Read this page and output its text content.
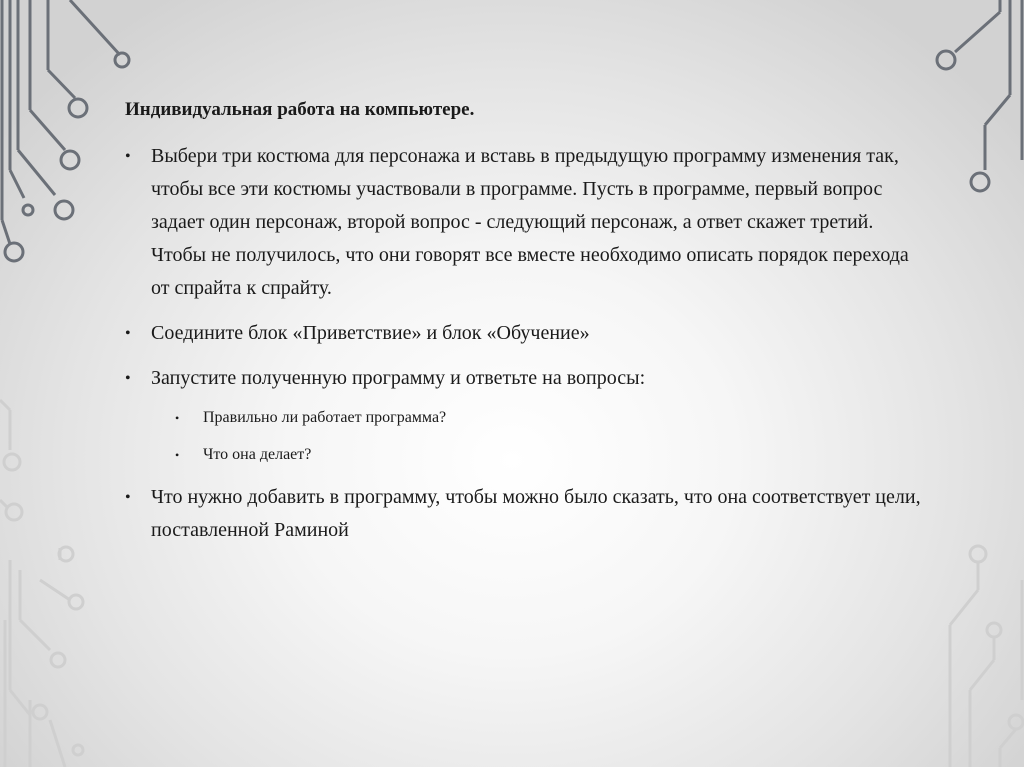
Индивидуальная работа на компьютере.
• Выбери три костюма для персонажа и вставь в предыдущую программу изменения так, чтобы все эти костюмы участвовали в программе. Пусть в программе, первый вопрос задает один персонаж, второй вопрос - следующий персонаж, а ответ скажет третий. Чтобы не получилось, что они говорят все вместе необходимо описать порядок перехода от спрайта к спрайту.
• Соедините блок «Приветствие» и блок «Обучение»
• Запустите полученную программу и ответьте на вопросы:
• Правильно ли работает программа?
• Что она делает?
• Что нужно добавить в программу, чтобы можно было сказать, что она соответствует цели, поставленной Раминой
